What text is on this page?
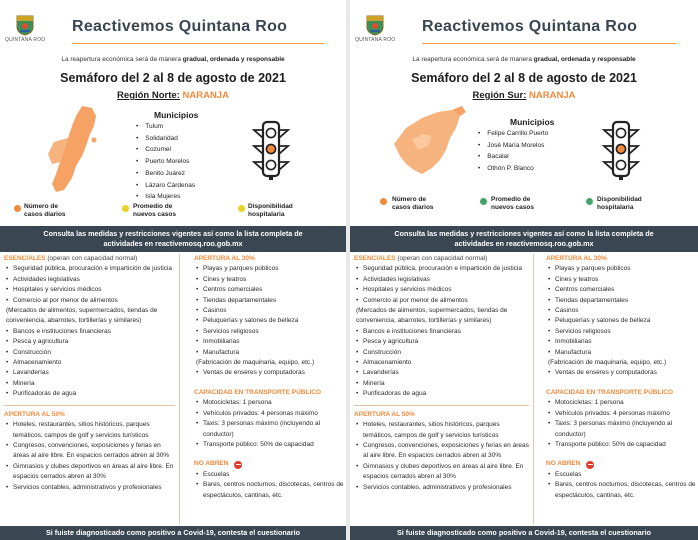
QUINTANA ROO
Reactivemos Quintana Roo
La reapertura económica será de manera gradual, ordenada y responsable
Semáforo del 2 al 8 de agosto de 2021
Región Norte: NARANJA
Municipios
• Tulum
• Solidaridad
• Cozumel
• Puerto Morelos
• Benito Juárez
• Lázaro Cárdenas
• Isla Mujeres
Número de
casos diarios
Promedio de
nuevos casos
Disponibilidad
hospitalaria
Consulta las medidas y restricciones vigentes así como la lista completa de
actividades en reactivemosq.roo.gob.mx
ESENCIALES (operan con capacidad normal)
• Seguridad pública, procuración e impartición de justicia
• Actividades legislativas
• Hospitales y servicios médicos
• Comercio al por menor de alimentos
(Mercados de alimentos, supermercados, tiendas de conveniencia, abarrotes, tortillerías y similares)
• Bancos e instituciones financieras
• Pesca y agricultura
• Construcción
• Almacenamiento
• Lavanderías
• Minería
• Purificadoras de agua
APERTURA AL 50%
• Hoteles, restaurantes, sitios históricos, parques temáticos, campos de golf y servicios turísticos
• Congresos, convenciones, exposiciones y ferias en áreas al aire libre. En espacios cerrados abren al 30%
• Gimnasios y clubes deportivos en áreas al aire libre. En espacios cerrados abren al 30%
• Servicios contables, administrativos y profesionales
APERTURA AL 30%
• Playas y parques públicos
• Cines y teatros
• Centros comerciales
• Tiendas departamentales
• Casinos
• Peluquerías y salones de belleza
• Servicios religiosos
• Inmobiliarias
• Manufactura
(Fabricación de maquinaria, equipo, etc.)
• Ventas de enseres y computadoras
CAPACIDAD EN TRANSPORTE PÚBLICO
• Motocicletas: 1 persona
• Vehículos privados: 4 personas máximo
• Taxis: 3 personas máximo (incluyendo al conductor)
• Transporte público: 50% de capacidad
NO ABREN
• Escuelas
• Bares, centros nocturnos, discotecas, centros de espectáculos, cantinas, etc.
Si fuiste diagnosticado como positivo a Covid-19, contesta el cuestionario
QUINTANA ROO
Reactivemos Quintana Roo
La reapertura económica será de manera gradual, ordenada y responsable
Semáforo del 2 al 8 de agosto de 2021
Región Sur: NARANJA
Municipios
• Felipe Carrillo Puerto
• José María Morelos
• Bacalar
• Othón P. Blanco
Número de
casos diarios
Promedio de
nuevos casos
Disponibilidad
hospitalaria
Consulta las medidas y restricciones vigentes así como la lista completa de
actividades en reactivemosq.roo.gob.mx
ESENCIALES (operan con capacidad normal)
• Seguridad pública, procuración e impartición de justicia
• Actividades legislativas
• Hospitales y servicios médicos
• Comercio al por menor de alimentos
(Mercados de alimentos, supermercados, tiendas de conveniencia, abarrotes, tortillerías y similares)
• Bancos e instituciones financieras
• Pesca y agricultura
• Construcción
• Almacenamiento
• Lavanderías
• Minería
• Purificadoras de agua
APERTURA AL 50%
• Hoteles, restaurantes, sitios históricos, parques temáticos, campos de golf y servicios turísticos
• Congresos, convenciones, exposiciones y ferias en áreas al aire libre. En espacios cerrados abren al 30%
• Gimnasios y clubes deportivos en áreas al aire libre. En espacios cerrados abren al 30%
• Servicios contables, administrativos y profesionales
APERTURA AL 30%
• Playas y parques públicos
• Cines y teatros
• Centros comerciales
• Tiendas departamentales
• Casinos
• Peluquerías y salones de belleza
• Servicios religiosos
• Inmobiliarias
• Manufactura
(Fabricación de maquinaria, equipo, etc.)
• Ventas de enseres y computadoras
CAPACIDAD EN TRANSPORTE PÚBLICO
• Motocicletas: 1 persona
• Vehículos privados: 4 personas máximo
• Taxis: 3 personas máximo (incluyendo al conductor)
• Transporte público: 50% de capacidad
NO ABREN
• Escuelas
• Bares, centros nocturnos, discotecas, centros de espectáculos, cantinas, etc.
Si fuiste diagnosticado como positivo a Covid-19, contesta el cuestionario
